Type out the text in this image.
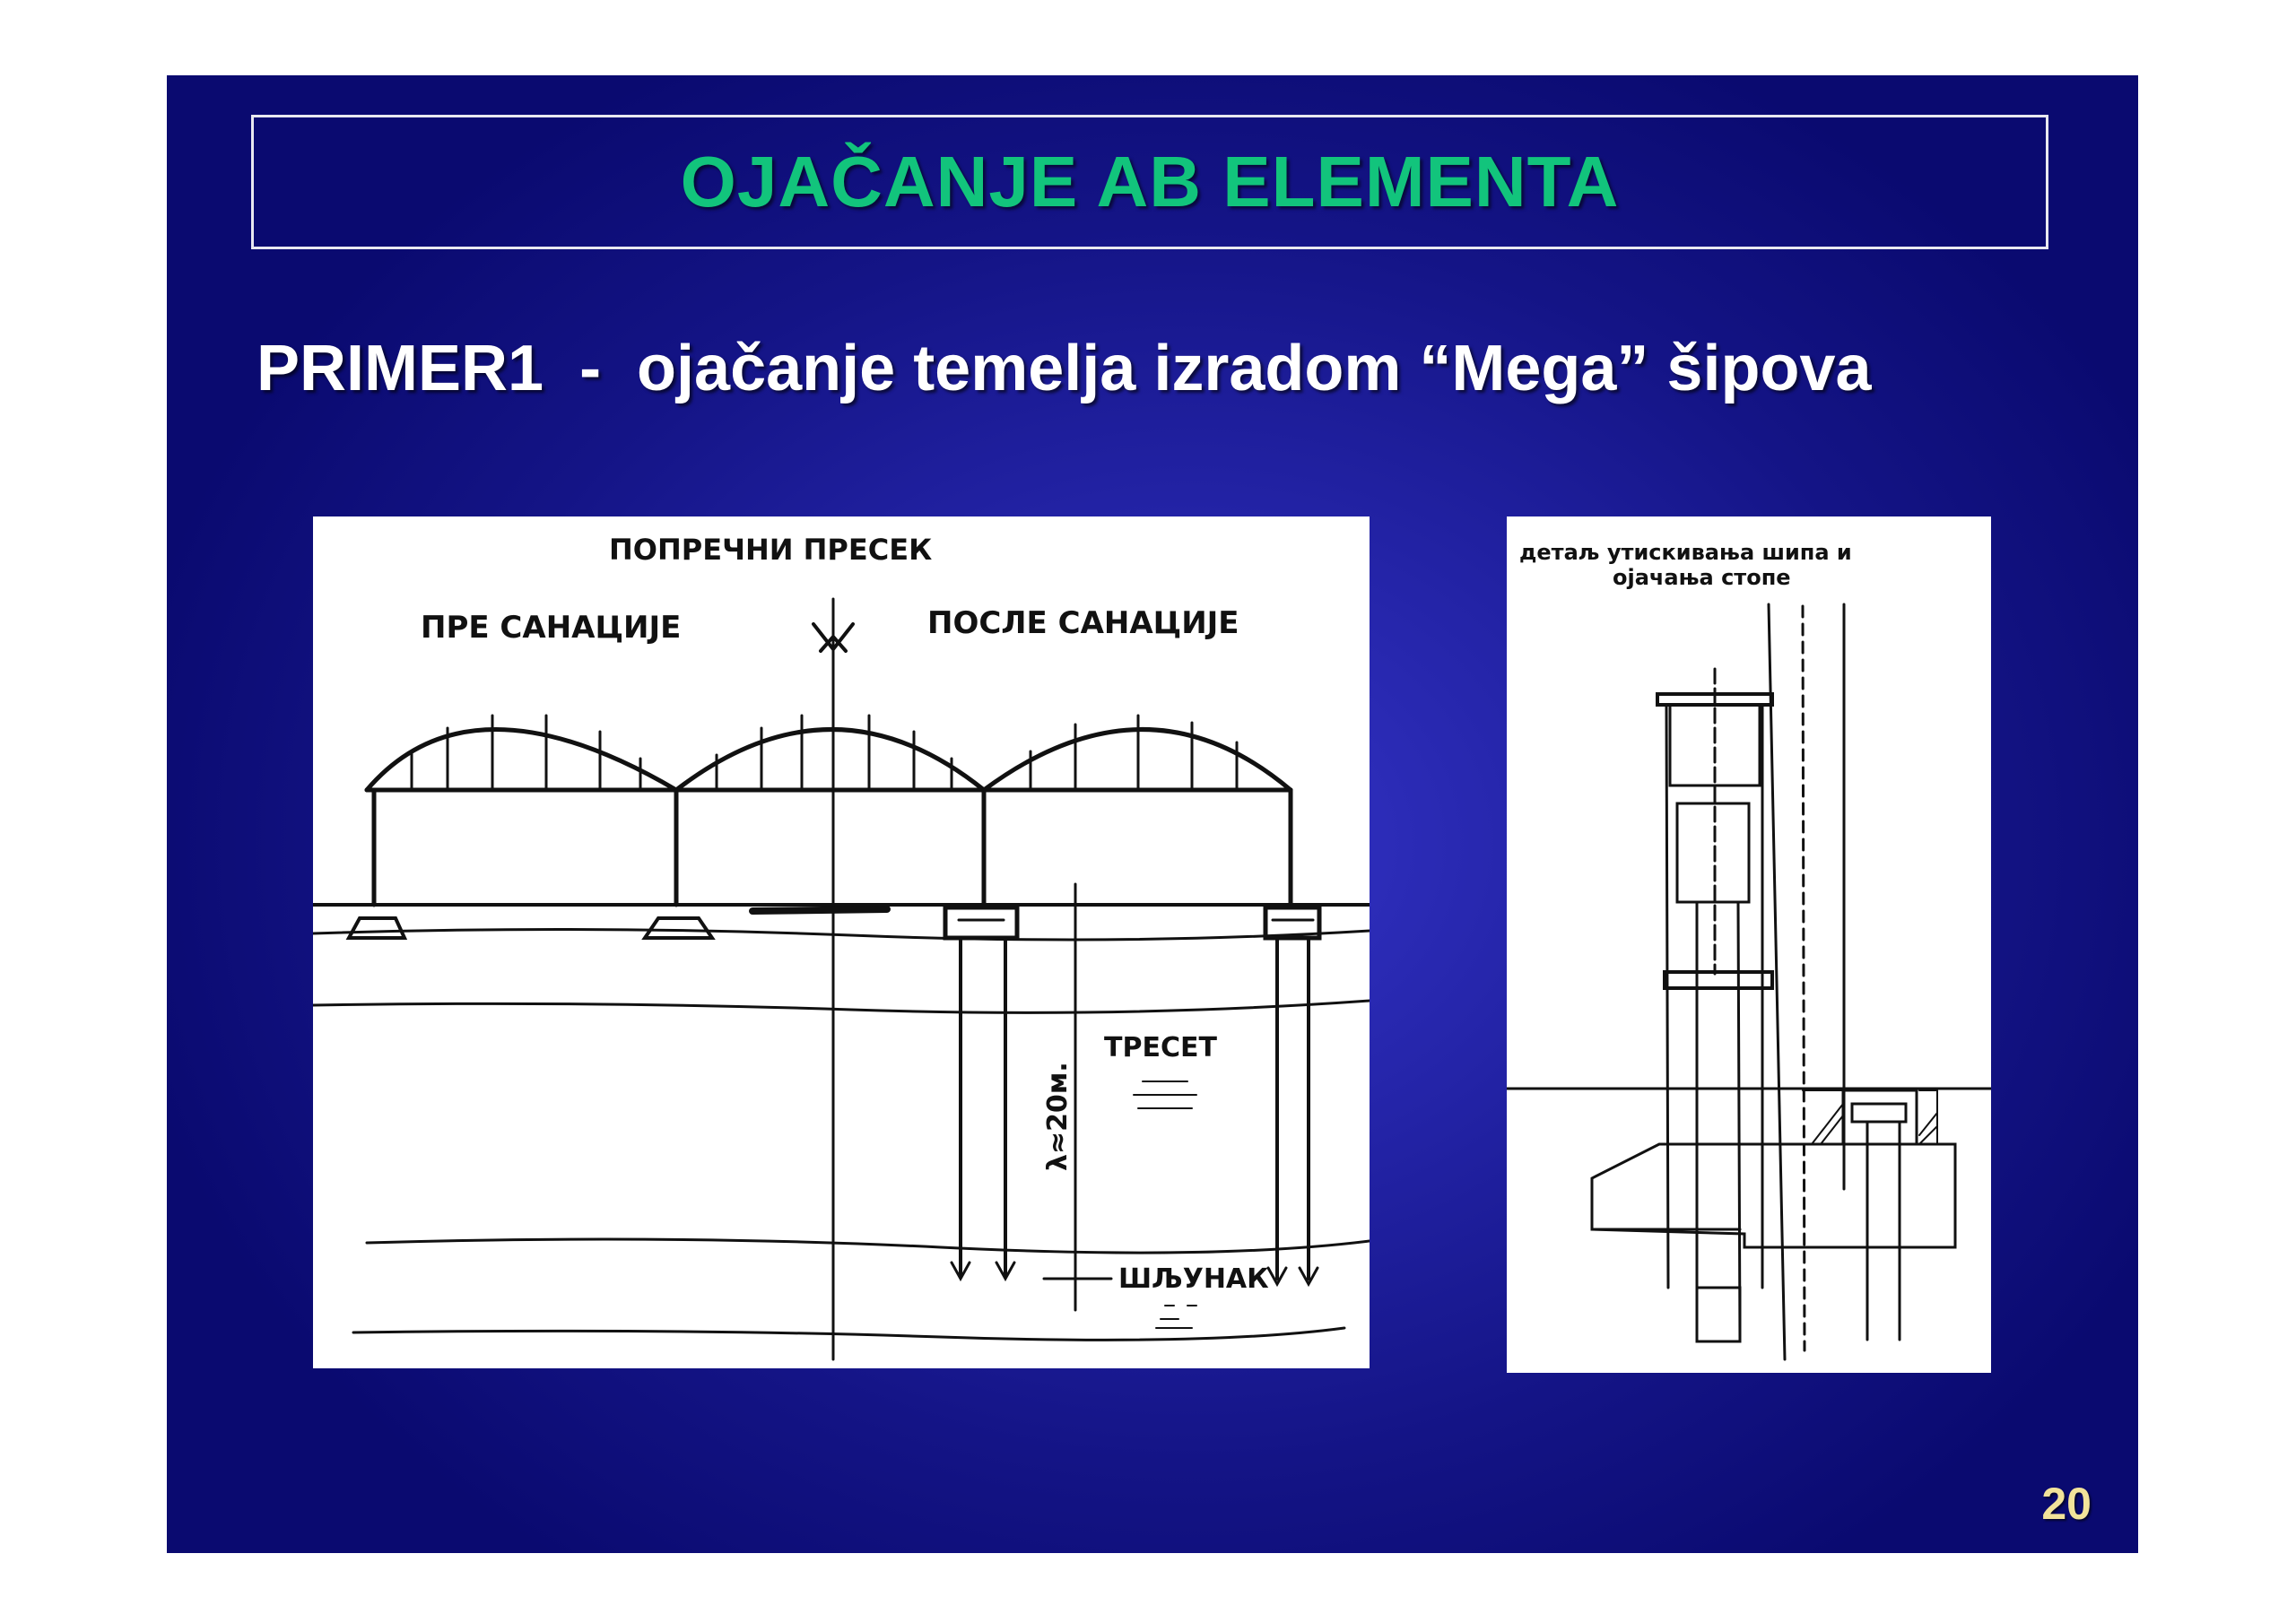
OJAČANJE AB ELEMENTA
PRIMER1  -  ojačanje temelja izradom “Mega” šipova
ПОПРЕЧНИ ПРЕСЕК
ПРЕ САНАЦИЈЕ	ПОСЛЕ САНАЦИЈЕ
λ≈20м.
ТРЕСЕТ
ШЉУНАК
детаљ утискивања шипа и
ојачања стопе
20
